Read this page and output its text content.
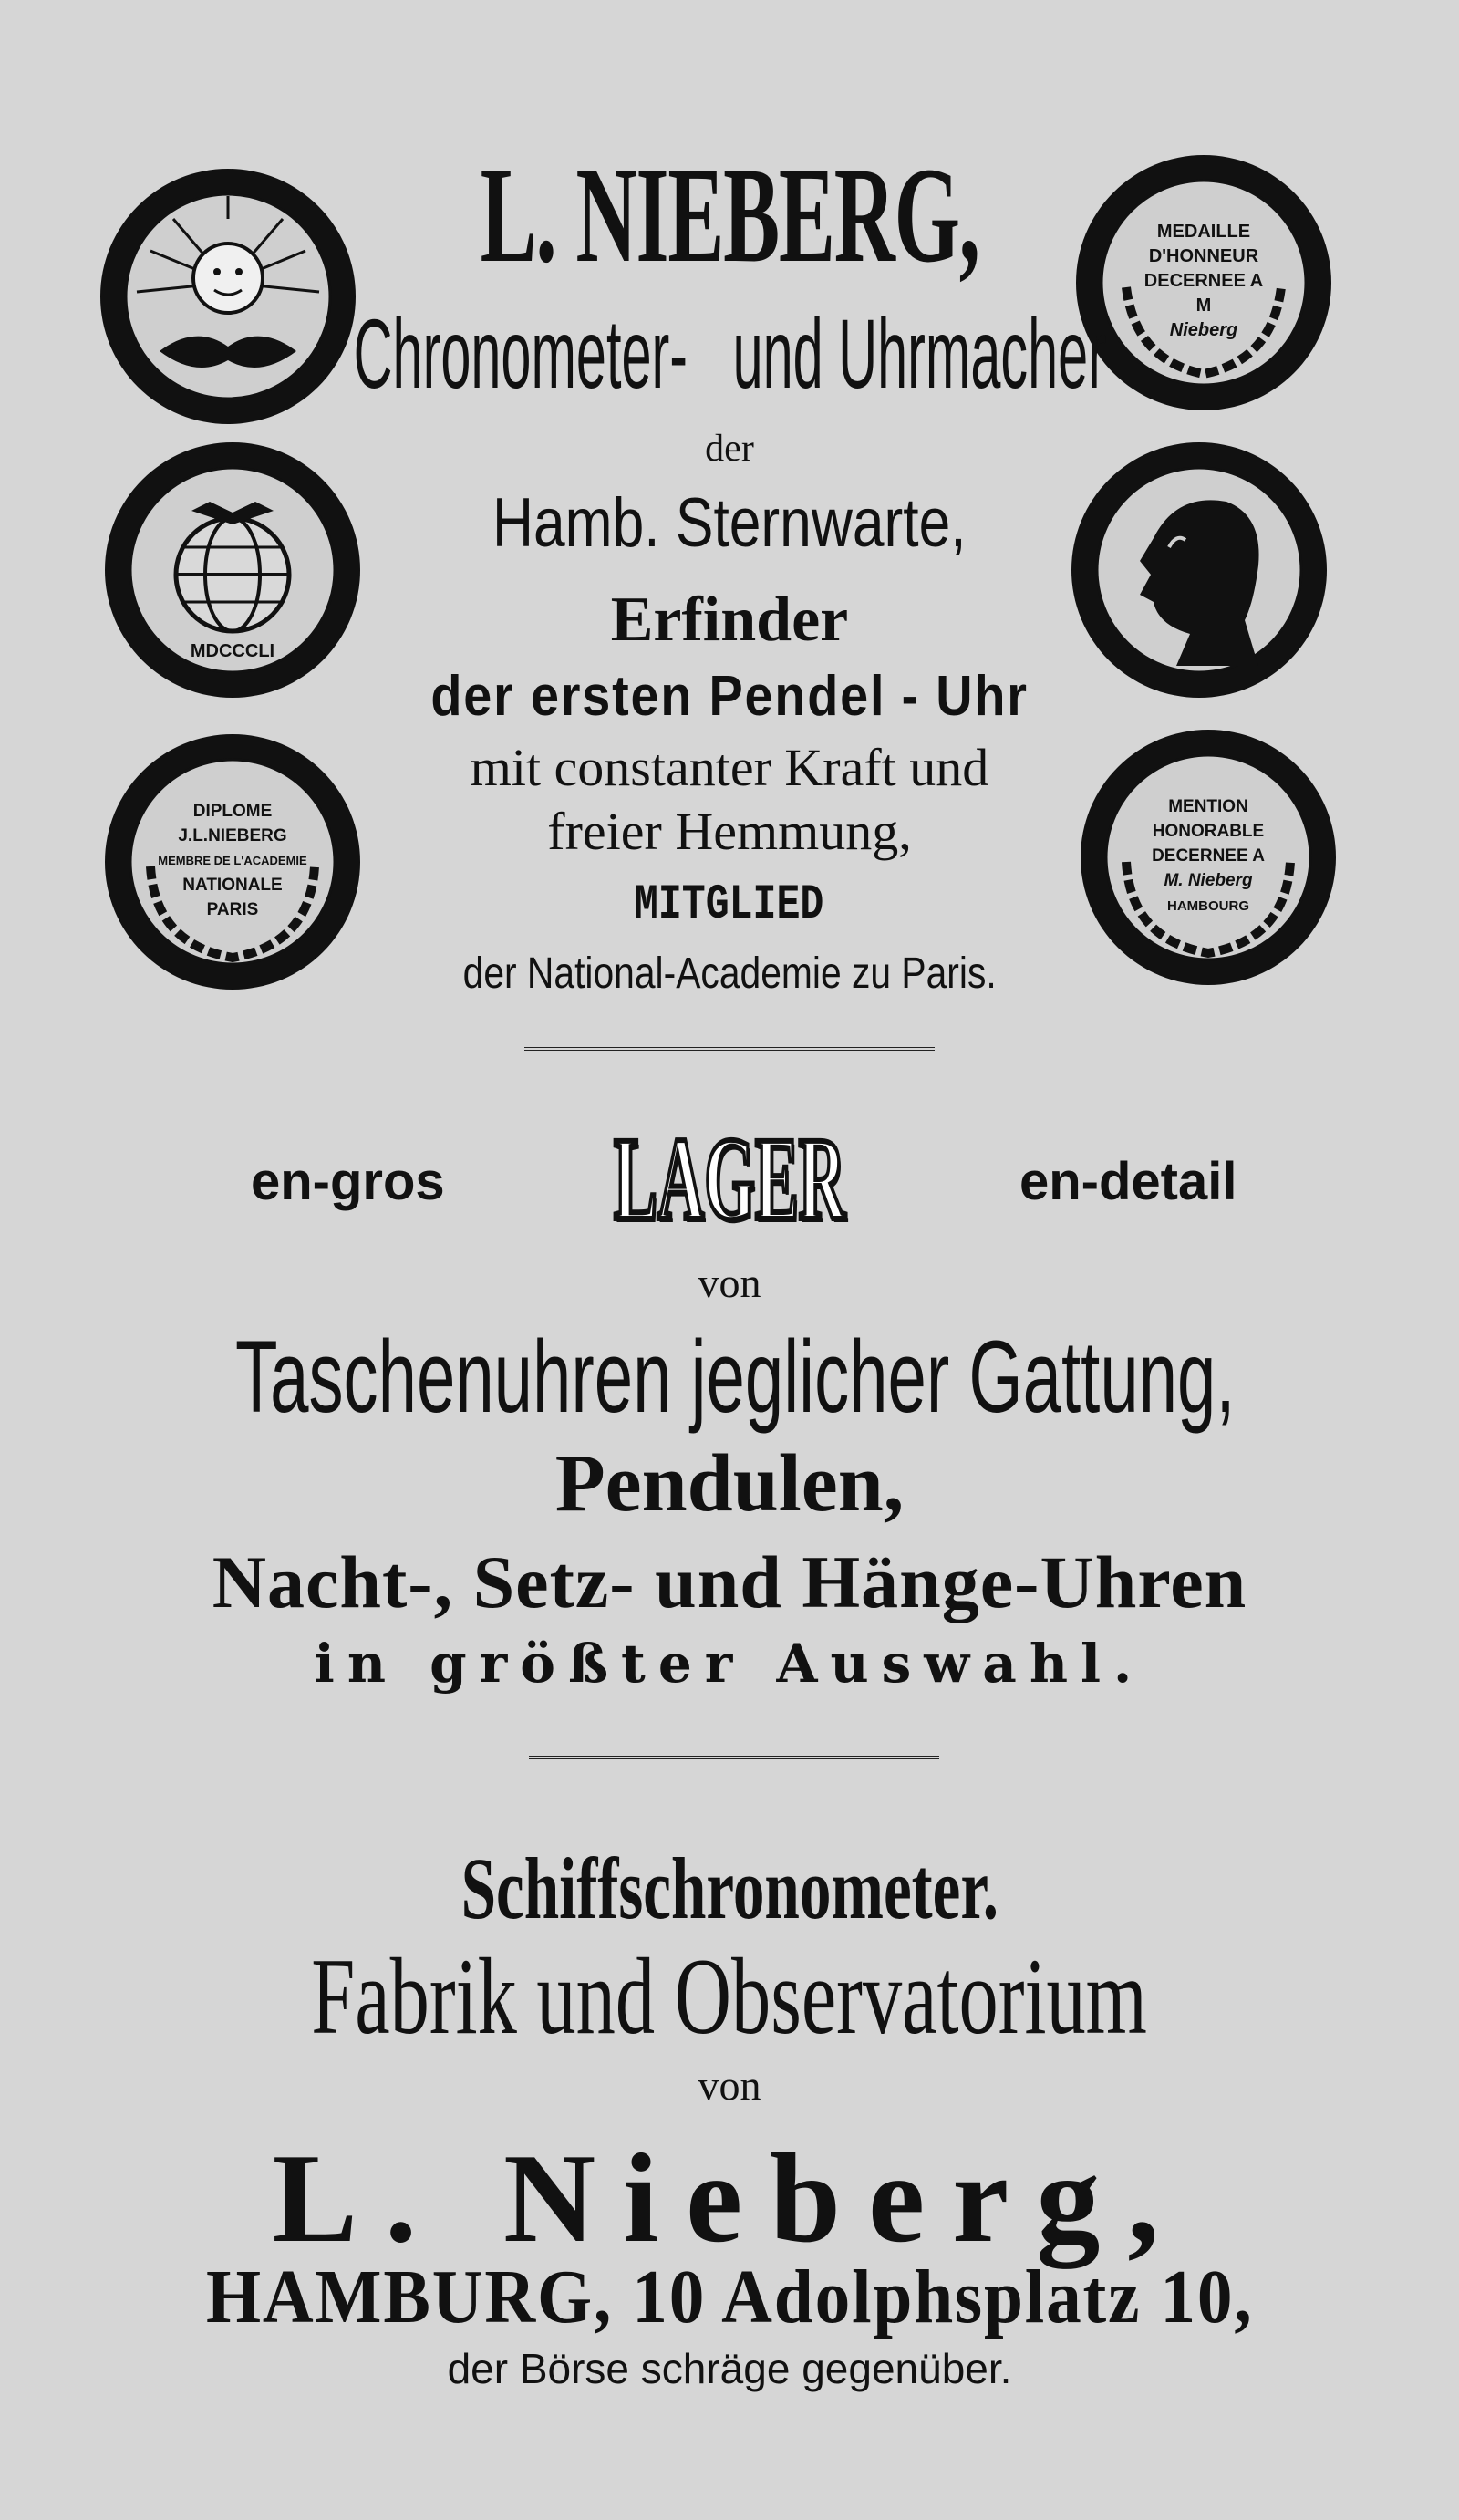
MEDAILLE
D'HONNEUR
DECERNEE A
M
Nieberg
MDCCCLI
DIPLOME
J.L.NIEBERG
MEMBRE DE L'ACADEMIE
NATIONALE
PARIS
MENTION
HONORABLE
DECERNEE A
M. Nieberg
HAMBOURG
L. NIEBERG,
Chronometer-   und Uhrmacher
der
Hamb. Sternwarte,
Erfinder
der ersten Pendel - Uhr
mit constanter Kraft und
freier Hemmung,
MITGLIED
der National-Academie zu Paris.
en-gros	LAGER	en-detail
von
Taschenuhren jeglicher Gattung,
Pendulen,
Nacht-, Setz- und Hänge-Uhren
in größter Auswahl.
Schiffschronometer.
Fabrik und Observatorium
von
L. Nieberg,
HAMBURG, 10 Adolphsplatz 10,
der Börse schräge gegenüber.
